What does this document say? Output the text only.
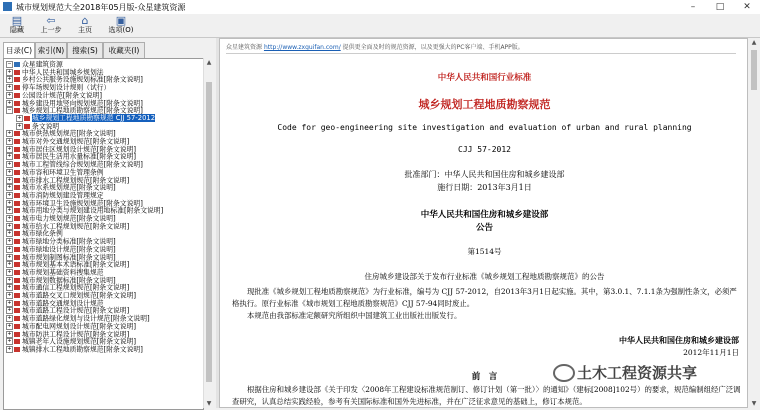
城市规划规范大全2018年05月版-众星建筑资源	–	□	✕
▤
隐藏
⇦
上一步
⌂
主页
▣
选项(O)
目录(C) 索引(N)	搜索(S)	收藏夹(I)
− 众星建筑资源
+ 中华人民共和国城乡规划法
+ 乡村公共服务设施规划标准[附条文说明]
+ 停车场规划设计规则（试行）
+ 公园设计规范[附条文说明]
+ 城乡建设用地竖向规划规范[附条文说明]
− 城乡规划工程地质勘察规范[附条文说明]
+ 城乡规划工程地质勘察规范 CJJ 57-2012
+ 条文说明
+ 城市供热规划规范[附条文说明]
+ 城市对外交通规划规范[附条文说明]
+ 城市居住区规划设计规范[附条文说明]
+ 城市居民生活用水量标准[附条文说明]
+ 城市工程管线综合规划规范[附条文说明]
+ 城市容和环境卫生管理条例
+ 城市排水工程规划规范[附条文说明]
+ 城市水系规划规范[附条文说明]
+ 城市消防规划建设管理规定
+ 城市环境卫生设施规划规范[附条文说明]
+ 城市用地分类与规划建设用地标准[附条文说明]
+ 城市电力规划规范[附条文说明]
+ 城市给水工程规划规范[附条文说明]
+ 城市绿化条例
+ 城市绿地分类标准[附条文说明]
+ 城市绿地设计规范[附条文说明]
+ 城市规划制图标准[附条文说明]
+ 城市规划基本术语标准[附条文说明]
+ 城市规划基础资料搜集规范
+ 城市规划数据标准[附条文说明]
+ 城市通信工程规划规范[附条文说明]
+ 城市道路交叉口规划规范[附条文说明]
+ 城市道路交通规划设计规范
+ 城市道路工程设计规范[附条文说明]
+ 城市道路绿化规划与设计规范[附条文说明]
+ 城市配电网规划设计规范[附条文说明]
+ 城市防洪工程设计规范[附条文说明]
+ 城镇老年人设施规划规范[附条文说明]
+ 城镇排水工程地质勘察规范[附条文说明]
▲
▼
众星建筑资源 http://www.zxguifan.com/ 提供更全面及时的规范资源，以及更强大的PC客户端、手机APP版。
中华人民共和国行业标准
城乡规划工程地质勘察规范
Code for geo-engineering site investigation and evaluation of urban and rural planning
CJJ 57-2012
批准部门：中华人民共和国住房和城乡建设部
施行日期：2013年3月1日
中华人民共和国住房和城乡建设部
公告
第1514号
住房城乡建设部关于发布行业标准《城乡规划工程地质勘察规范》的公告
现批准《城乡规划工程地质勘察规范》为行业标准，编号为 CJJ 57-2012，自2013年3月1日起实施。其中，第3.0.1、7.1.1条为强制性条文，必须严格执行。原行业标准《城市规划工程地质勘察规范》CJJ 57-94同时废止。
本规范由我部标准定额研究所组织中国建筑工业出版社出版发行。
中华人民共和国住房和城乡建设部
2012年11月1日
前　言
根据住房和城乡建设部《关于印发〈2008年工程建设标准规范制订、修订计划（第一批）〉的通知》（建标[2008]102号）的要求，规范编制组经广泛调查研究，认真总结实践经验，参考有关国际标准和国外先进标准，并在广泛征求意见的基础上，修订本规范。
▲
▼
土木工程资源共享
